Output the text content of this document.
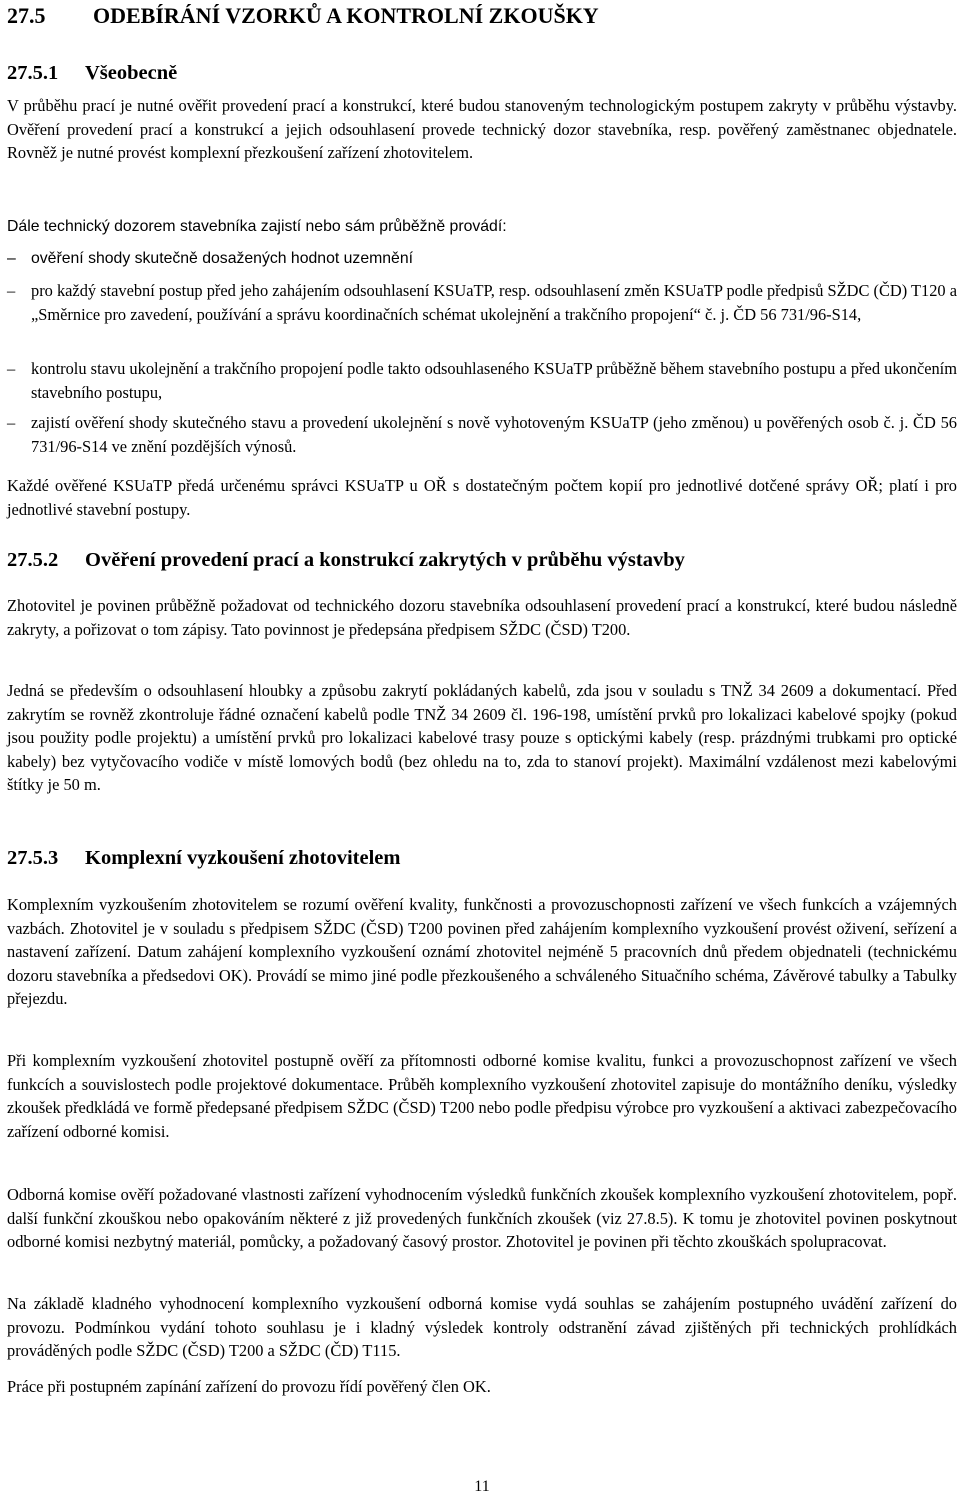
27.5 ODEBÍRÁNÍ VZORKŮ A KONTROLNÍ ZKOUŠKY
27.5.1 Všeobecně

V průběhu prací je nutné ověřit provedení prací a konstrukcí, které budou stanoveným technologickým postupem zakryty v průběhu výstavby. Ověření provedení prací a konstrukcí a jejich odsouhlasení provede technický dozor stavebníka, resp. pověřený zaměstnanec objednatele. Rovněž je nutné provést komplexní přezkoušení zařízení zhotovitelem.

Dále technický dozorem stavebníka zajistí nebo sám průběžně provádí:

– ověření shody skutečně dosažených hodnot uzemnění
– pro každý stavební postup před jeho zahájením odsouhlasení KSUaTP, resp. odsouhlasení změn KSUaTP podle předpisů SŽDC (ČD) T120 a „Směrnice pro zavedení, používání a správu koordinačních schémat ukolejnění a trakčního propojení“ č. j. ČD 56 731/96-S14,
– kontrolu stavu ukolejnění a trakčního propojení podle takto odsouhlaseného KSUaTP průběžně během stavebního postupu a před ukončením stavebního postupu,
– zajistí ověření shody skutečného stavu a provedení ukolejnění s nově vyhotoveným KSUaTP (jeho změnou) u pověřených osob č. j. ČD 56 731/96-S14 ve znění pozdějších výnosů.

Každé ověřené KSUaTP předá určenému správci KSUaTP u OŘ s dostatečným počtem kopií pro jednotlivé dotčené správy OŘ; platí i pro jednotlivé stavební postupy.

27.5.2 Ověření provedení prací a konstrukcí zakrytých v průběhu výstavby

Zhotovitel je povinen průběžně požadovat od technického dozoru stavebníka odsouhlasení provedení prací a konstrukcí, které budou následně zakryty, a pořizovat o tom zápisy. Tato povinnost je předepsána předpisem SŽDC (ČSD) T200.

Jedná se především o odsouhlasení hloubky a způsobu zakrytí pokládaných kabelů, zda jsou v souladu s TNŽ 34 2609 a dokumentací. Před zakrytím se rovněž zkontroluje řádné označení kabelů podle TNŽ 34 2609 čl. 196-198, umístění prvků pro lokalizaci kabelové spojky (pokud jsou použity podle projektu) a umístění prvků pro lokalizaci kabelové trasy pouze s optickými kabely (resp. prázdnými trubkami pro optické kabely) bez vytyčovacího vodiče v místě lomových bodů (bez ohledu na to, zda to stanoví projekt). Maximální vzdálenost mezi kabelovými štítky je 50 m.

27.5.3 Komplexní vyzkoušení zhotovitelem

Komplexním vyzkoušením zhotovitelem se rozumí ověření kvality, funkčnosti a provozuschopnosti zařízení ve všech funkcích a vzájemných vazbách. Zhotovitel je v souladu s předpisem SŽDC (ČSD) T200 povinen před zahájením komplexního vyzkoušení provést oživení, seřízení a nastavení zařízení. Datum zahájení komplexního vyzkoušení oznámí zhotovitel nejméně 5 pracovních dnů předem objednateli (technickému dozoru stavebníka a předsedovi OK). Provádí se mimo jiné podle přezkoušeného a schváleného Situačního schéma, Závěrové tabulky a Tabulky přejezdu.

Při komplexním vyzkoušení zhotovitel postupně ověří za přítomnosti odborné komise kvalitu, funkci a provozuschopnost zařízení ve všech funkcích a souvislostech podle projektové dokumentace. Průběh komplexního vyzkoušení zhotovitel zapisuje do montážního deníku, výsledky zkoušek předkládá ve formě předepsané předpisem SŽDC (ČSD) T200 nebo podle předpisu výrobce pro vyzkoušení a aktivaci zabezpečovacího zařízení odborné komisi.

Odborná komise ověří požadované vlastnosti zařízení vyhodnocením výsledků funkčních zkoušek komplexního vyzkoušení zhotovitelem, popř. další funkční zkouškou nebo opakováním některé z již provedených funkčních zkoušek (viz 27.8.5). K tomu je zhotovitel povinen poskytnout odborné komisi nezbytný materiál, pomůcky, a požadovaný časový prostor. Zhotovitel je povinen při těchto zkouškách spolupracovat.

Na základě kladného vyhodnocení komplexního vyzkoušení odborná komise vydá souhlas se zahájením postupného uvádění zařízení do provozu. Podmínkou vydání tohoto souhlasu je i kladný výsledek kontroly odstranění závad zjištěných při technických prohlídkách prováděných podle SŽDC (ČSD) T200 a SŽDC (ČD) T115.

Práce při postupném zapínání zařízení do provozu řídí pověřený člen OK.

11
